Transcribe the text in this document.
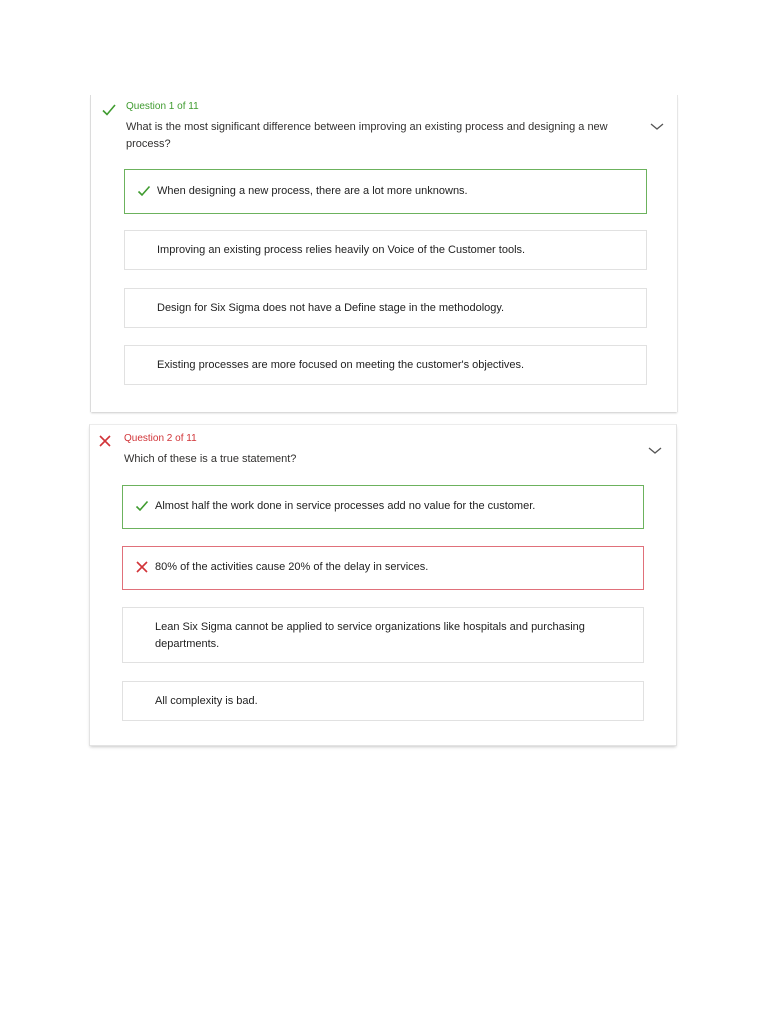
Question 1 of 11
What is the most significant difference between improving an existing process and designing a new process?
When designing a new process, there are a lot more unknowns.
Improving an existing process relies heavily on Voice of the Customer tools.
Design for Six Sigma does not have a Define stage in the methodology.
Existing processes are more focused on meeting the customer's objectives.
Question 2 of 11
Which of these is a true statement?
Almost half the work done in service processes add no value for the customer.
80% of the activities cause 20% of the delay in services.
Lean Six Sigma cannot be applied to service organizations like hospitals and purchasing departments.
All complexity is bad.
